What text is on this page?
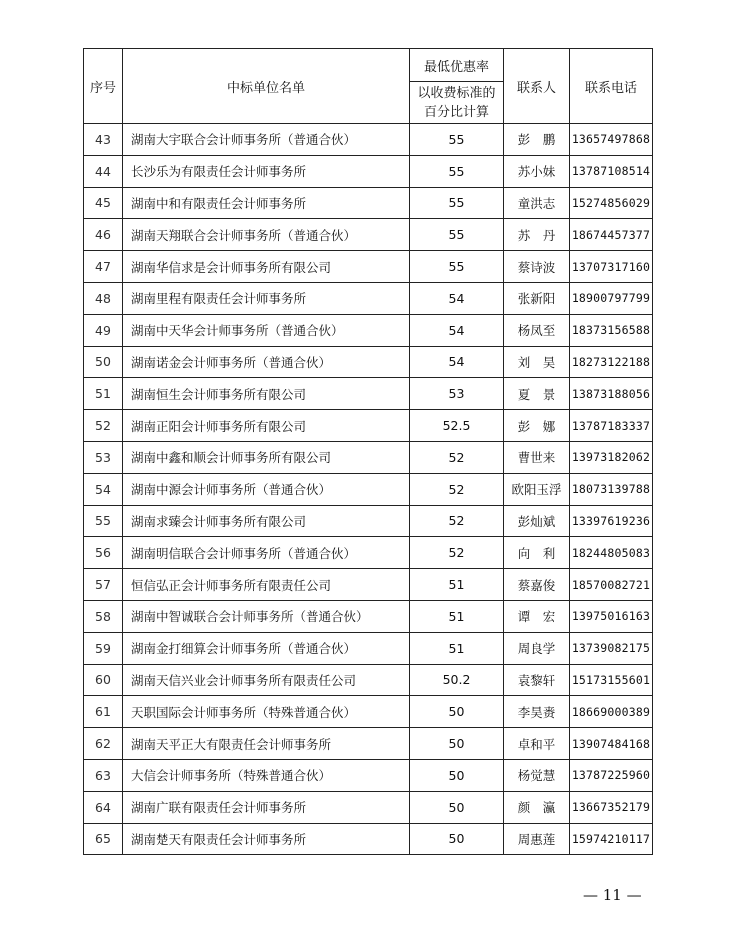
序号	中标单位名单	最低优惠率	联系人	联系电话

		以收费标准的
百分比计算		

43	湖南大宇联合会计师事务所（普通合伙）	55	彭　鹏	13657497868
44	长沙乐为有限责任会计师事务所	55	苏小妹	13787108514
45	湖南中和有限责任会计师事务所	55	童洪志	15274856029
46	湖南天翔联合会计师事务所（普通合伙）	55	苏　丹	18674457377
47	湖南华信求是会计师事务所有限公司	55	蔡诗波	13707317160
48	湖南里程有限责任会计师事务所	54	张新阳	18900797799
49	湖南中天华会计师事务所（普通合伙）	54	杨凤至	18373156588
50	湖南诺金会计师事务所（普通合伙）	54	刘　昊	18273122188
51	湖南恒生会计师事务所有限公司	53	夏　景	13873188056
52	湖南正阳会计师事务所有限公司	52.5	彭　娜	13787183337
53	湖南中鑫和顺会计师事务所有限公司	52	曹世来	13973182062
54	湖南中源会计师事务所（普通合伙）	52	欧阳玉浮	18073139788
55	湖南求臻会计师事务所有限公司	52	彭灿斌	13397619236
56	湖南明信联合会计师事务所（普通合伙）	52	向　利	18244805083
57	恒信弘正会计师事务所有限责任公司	51	蔡嘉俊	18570082721
58	湖南中智诚联合会计师事务所（普通合伙）	51	谭　宏	13975016163
59	湖南金打细算会计师事务所（普通合伙）	51	周良学	13739082175
60	湖南天信兴业会计师事务所有限责任公司	50.2	袁黎轩	15173155601
61	天职国际会计师事务所（特殊普通合伙）	50	李昊赉	18669000389
62	湖南天平正大有限责任会计师事务所	50	卓和平	13907484168
63	大信会计师事务所（特殊普通合伙）	50	杨觉慧	13787225960
64	湖南广联有限责任会计师事务所	50	颜　瀛	13667352179
65	湖南楚天有限责任会计师事务所	50	周惠莲	15974210117
— 11 —
